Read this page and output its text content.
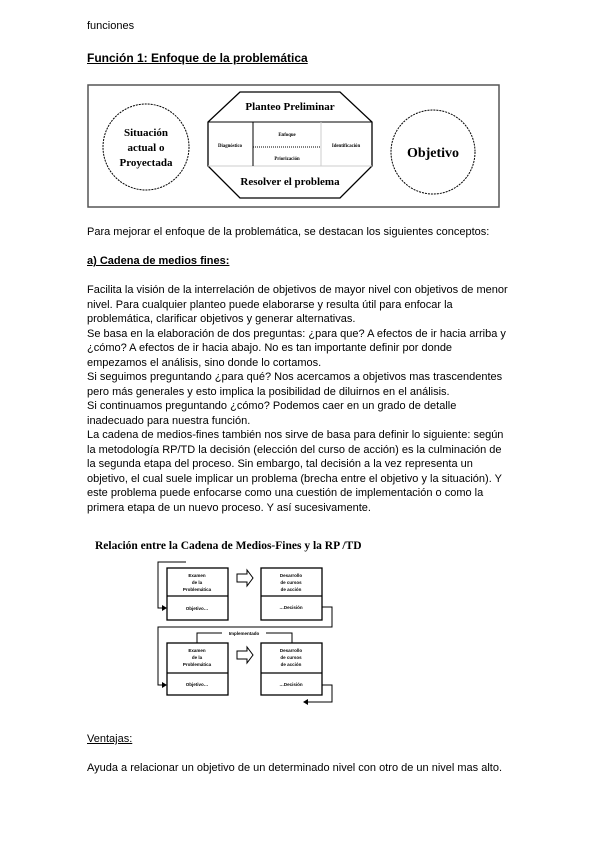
funciones
Función 1: Enfoque de la problemática
Situación
actual o
Proyectada
Planteo Preliminar
Diagnóstico
Enfoque
Priorización
Identificación
Resolver el problema
Objetivo
Relación entre la Cadena de Medios-Fines y la RP /TD
Examen
de la
Problemática
Desarrollo
de cursos
de acción
Objetivo…	…Decisión
Examen
de la
Problemática
Desarrollo
de cursos
de acción
Objetivo…	…Decisión
Implementado
Para mejorar el enfoque de la problemática, se destacan los siguientes conceptos:
a) Cadena de medios fines:
Facilita la visión de la interrelación de objetivos de mayor nivel con objetivos de menor
nivel. Para cualquier planteo puede elaborarse y resulta útil para enfocar la
problemática, clarificar objetivos y generar alternativas.
Se basa en la elaboración de dos preguntas: ¿para que? A efectos de ir hacia arriba y
¿cómo? A efectos de ir hacia abajo. No es tan importante definir por donde
empezamos el análisis, sino donde lo cortamos.
Si seguimos preguntando ¿para qué? Nos acercamos a objetivos mas trascendentes
pero más generales y esto implica la posibilidad de diluirnos en el análisis.
Si continuamos preguntando ¿cómo? Podemos caer en un grado de detalle
inadecuado para nuestra función.
La cadena de medios-fines también nos sirve de basa para definir lo siguiente: según
la metodología RP/TD la decisión (elección del curso de acción) es la culminación de
la segunda etapa del proceso. Sin embargo, tal decisión a la vez representa un
objetivo, el cual suele implicar un problema (brecha entre el objetivo y la situación). Y
este problema puede enfocarse como una cuestión de implementación o como la
primera etapa de un nuevo proceso. Y así sucesivamente.
Ventajas:
Ayuda a relacionar un objetivo de un determinado nivel con otro de un nivel mas alto.
